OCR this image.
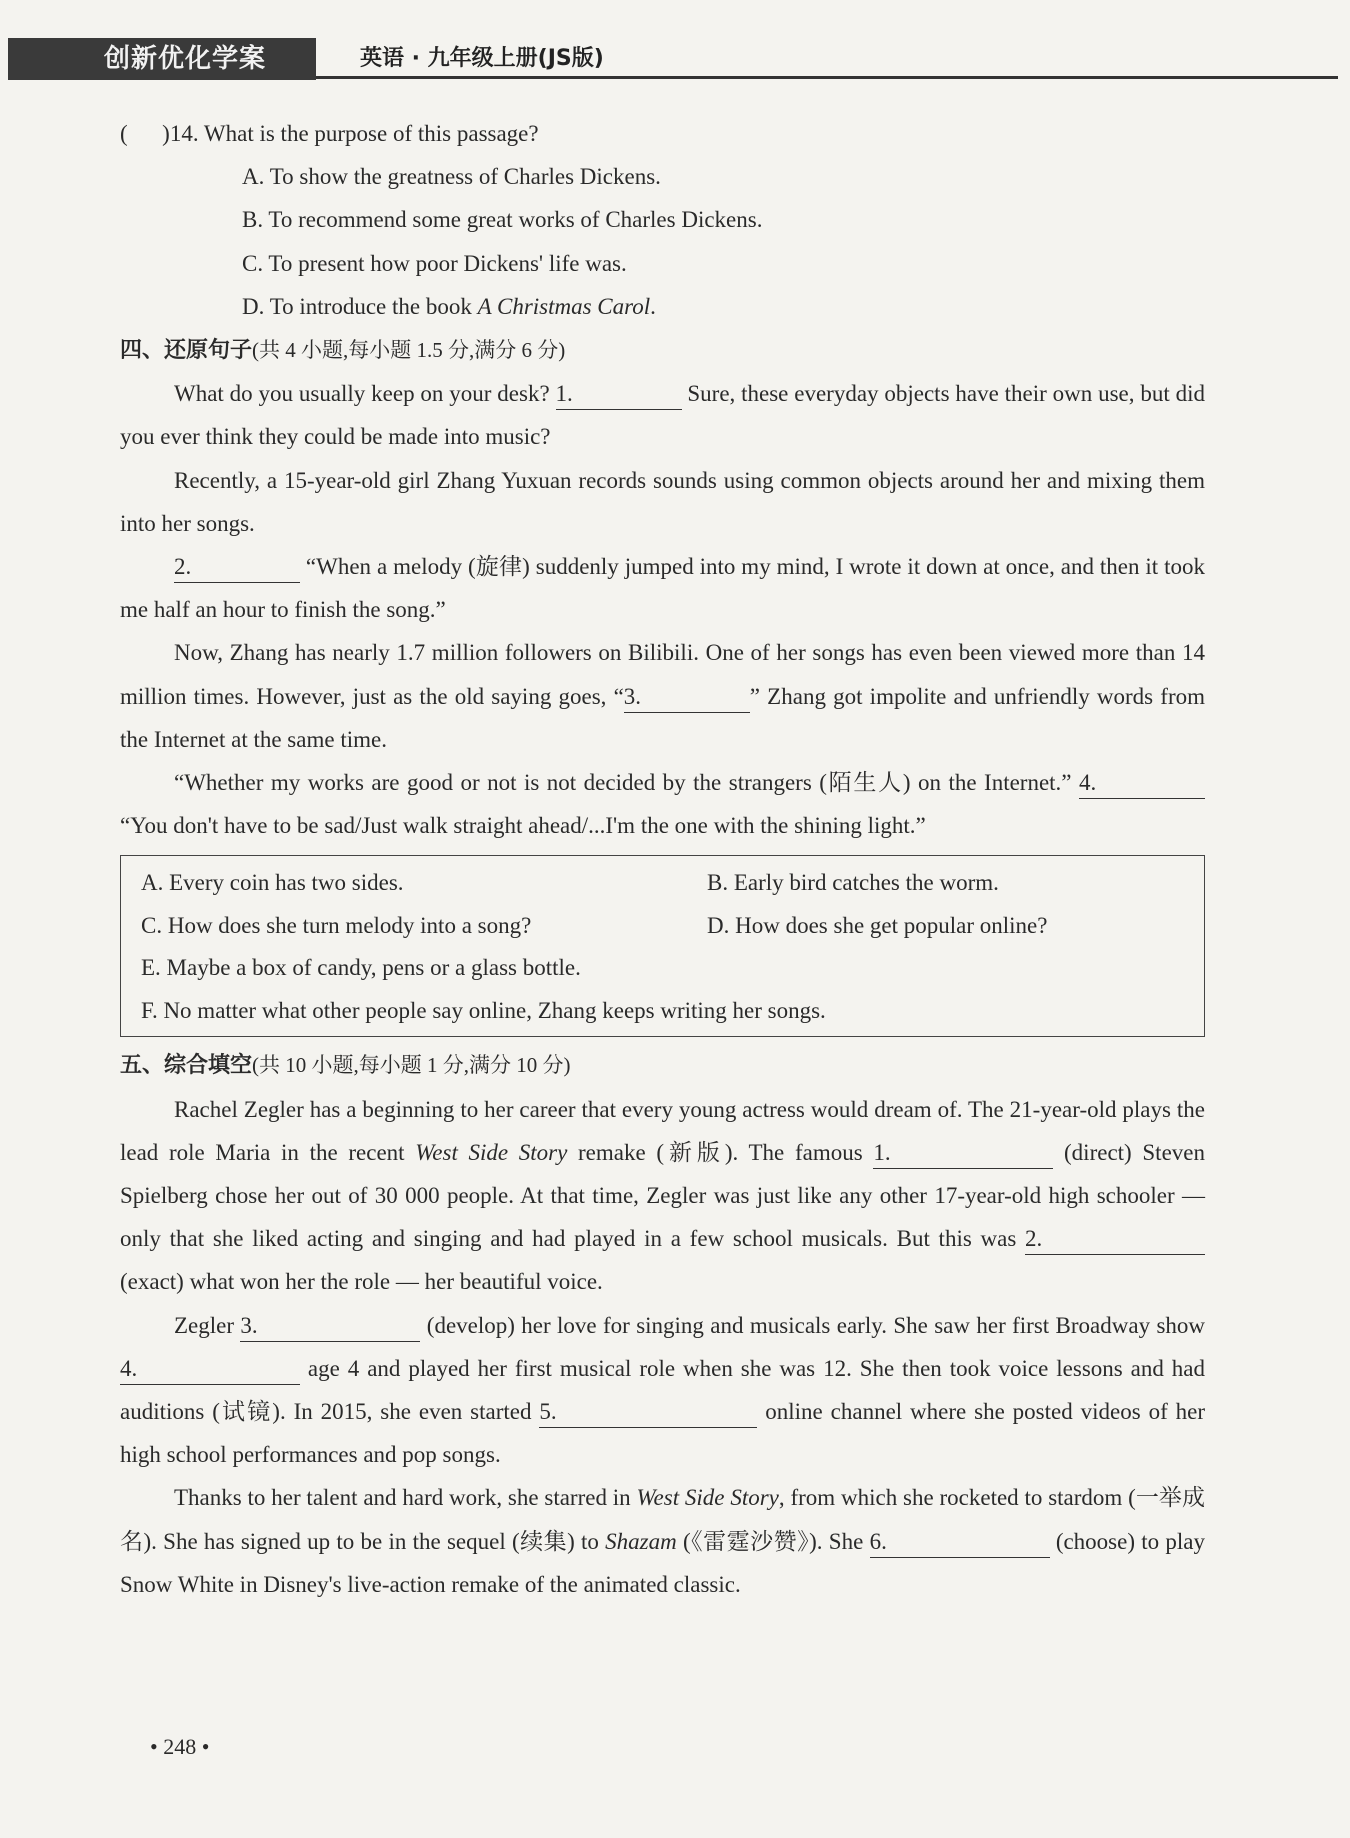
创新优化学案	英语 · 九年级上册(JS版)

(      )14. What is the purpose of this passage?

A. To show the greatness of Charles Dickens.

B. To recommend some great works of Charles Dickens.

C. To present how poor Dickens' life was.

D. To introduce the book A Christmas Carol.

四、还原句子(共 4 小题,每小题 1.5 分,满分 6 分)

What do you usually keep on your desk? 1.	Sure, these everyday objects have their own use, but did you ever think they could be made into music?

Recently, a 15-year-old girl Zhang Yuxuan records sounds using common objects around her and mixing them into her songs.

2.	“When a melody (旋律) suddenly jumped into my mind, I wrote it down at once, and then it took me half an hour to finish the song.”

Now, Zhang has nearly 1.7 million followers on Bilibili. One of her songs has even been viewed more than 14 million times. However, just as the old saying goes, “3.	” Zhang got impolite and unfriendly words from the Internet at the same time.

“Whether my works are good or not is not decided by the strangers (陌生人) on the Internet.” 4. “You don't have to be sad/Just walk straight ahead/...I'm the one with the shining light.”

A. Every coin has two sides.	B. Early bird catches the worm.
C. How does she turn melody into a song?	D. How does she get popular online?
E. Maybe a box of candy, pens or a glass bottle.
F. No matter what other people say online, Zhang keeps writing her songs.

五、综合填空(共 10 小题,每小题 1 分,满分 10 分)

Rachel Zegler has a beginning to her career that every young actress would dream of. The 21-year-old plays the lead role Maria in the recent West Side Story remake (新版). The famous 1.	(direct) Steven Spielberg chose her out of 30 000 people. At that time, Zegler was just like any other 17-year-old high schooler — only that she liked acting and singing and had played in a few school musicals. But this was 2. (exact) what won her the role — her beautiful voice.

Zegler 3.	(develop) her love for singing and musicals early. She saw her first Broadway show 4.	age 4 and played her first musical role when she was 12. She then took voice lessons and had auditions (试镜). In 2015, she even started 5.	online channel where she posted videos of her high school performances and pop songs.

Thanks to her talent and hard work, she starred in West Side Story, from which she rocketed to stardom (一举成名). She has signed up to be in the sequel (续集) to Shazam (《雷霆沙赞》). She 6.	(choose) to play Snow White in Disney's live-action remake of the animated classic.

• 248 •
